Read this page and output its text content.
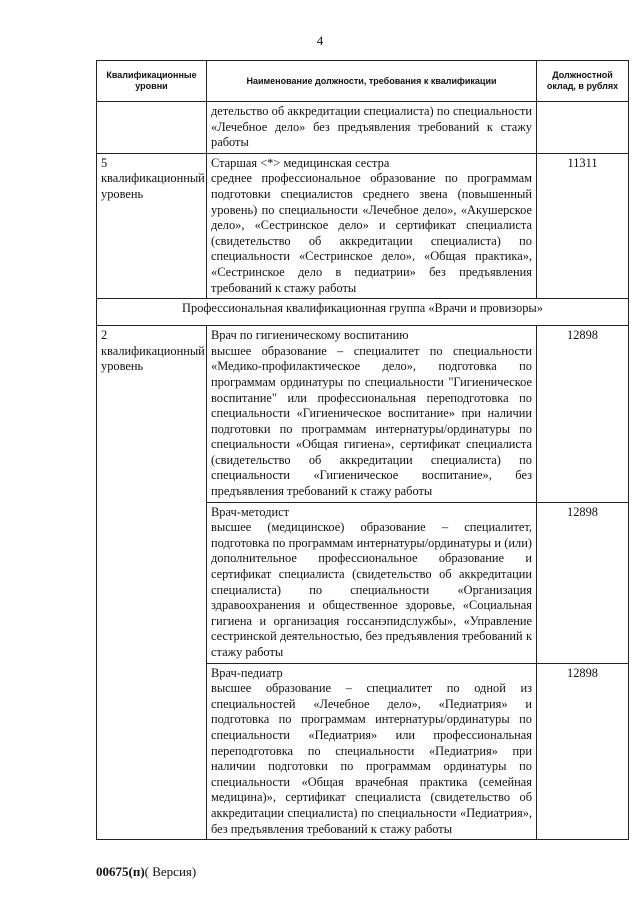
4
Квалификационные уровни	Наименование должности, требования к квалификации	Должностной оклад, в рублях

	детельство об аккредитации специалиста) по специальности «Лечебное дело» без предъявления требований к стажу работы	

5 квалификационный уровень	Старшая <*> медицинская сестра
среднее профессиональное образование по программам подготовки специалистов среднего звена (повышенный уровень) по специальности «Лечебное дело», «Акушерское дело», «Сестринское дело» и сертификат специалиста (свидетельство об аккредитации специалиста) по специальности «Сестринское дело», «Общая практика», «Сестринское дело в педиатрии» без предъявления требований к стажу работы	11311
Профессиональная квалификационная группа «Врачи и провизоры»		
2 квалификационный уровень	Врач по гигиеническому воспитанию
высшее образование – специалитет по специальности «Медико-профилактическое дело», подготовка по программам ординатуры по специальности "Гигиеническое воспитание" или профессиональная переподготовка по специальности «Гигиеническое воспитание» при наличии подготовки по программам интернатуры/ординатуры по специальности «Общая гигиена», сертификат специалиста (свидетельство об аккредитации специалиста) по специальности «Гигиеническое воспитание», без предъявления требований к стажу работы	12898

	Врач-методист
высшее (медицинское) образование – специалитет, подготовка по программам интернатуры/ординатуры и (или) дополнительное профессиональное образование и сертификат специалиста (свидетельство об аккредитации специалиста) по специальности «Организация здравоохранения и общественное здоровье, «Социальная гигиена и организация госсанэпидслужбы», «Управление сестринской деятельностью, без предъявления требований к стажу работы	12898

	Врач-педиатр
высшее образование – специалитет по одной из специальностей «Лечебное дело», «Педиатрия» и подготовка по программам интернатуры/ординатуры по специальности «Педиатрия» или профессиональная переподготовка по специальности «Педиатрия» при наличии подготовки по программам ординатуры по специальности «Общая врачебная практика (семейная медицина)», сертификат специалиста (свидетельство об аккредитации специалиста) по специальности «Педиатрия», без предъявления требований к стажу работы	12898
00675(п)( Версия)
